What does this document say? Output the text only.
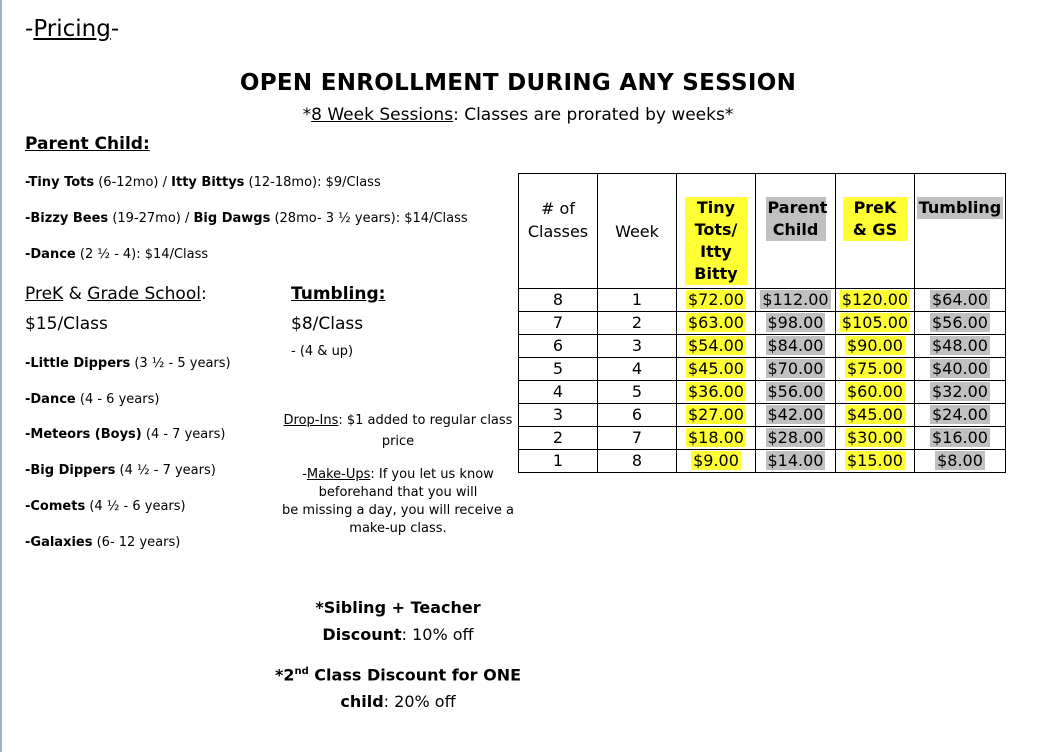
-Pricing-
OPEN ENROLLMENT DURING ANY SESSION
*8 Week Sessions: Classes are prorated by weeks*
Parent Child:
-Tiny Tots (6-12mo) / Itty Bittys (12-18mo): $9/Class
-Bizzy Bees (19-27mo) / Big Dawgs (28mo- 3 ½ years): $14/Class
-Dance (2 ½ - 4): $14/Class
PreK & Grade School:
$15/Class
-Little Dippers (3 ½ - 5 years)
-Dance (4 - 6 years)
-Meteors (Boys) (4 - 7 years)
-Big Dippers (4 ½ - 7 years)
-Comets (4 ½ - 6 years)
-Galaxies (6- 12 years)
Tumbling:
$8/Class
- (4 & up)
Drop-Ins: $1 added to regular class
price
-Make-Ups: If you let us know
beforehand that you will
be missing a day, you will receive a
make-up class.
*Sibling + Teacher
Discount: 10% off
*2nd Class Discount for ONE
child: 20% off
# of Classes	Week	Tiny Tots/ Itty Bitty	Parent Child	PreK & GS	Tumbling
8	1	$72.00	$112.00	$120.00	$64.00
7	2	$63.00	$98.00	$105.00	$56.00
6	3	$54.00	$84.00	$90.00	$48.00
5	4	$45.00	$70.00	$75.00	$40.00
4	5	$36.00	$56.00	$60.00	$32.00
3	6	$27.00	$42.00	$45.00	$24.00
2	7	$18.00	$28.00	$30.00	$16.00
1	8	$9.00	$14.00	$15.00	$8.00
